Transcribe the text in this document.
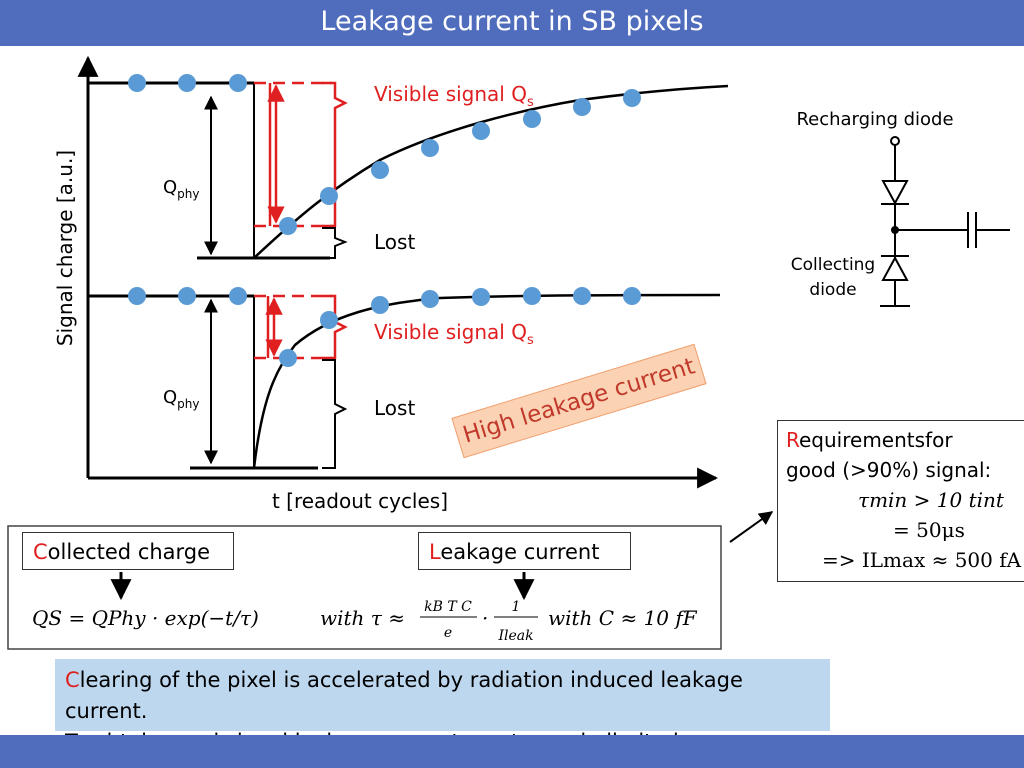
Leakage current in SB pixels
Signal charge [a.u.]
t [readout cycles]
$Q_{phy}$
Visible signal $Q_s$
Lost
$Q_{phy}$
Visible signal $Q_s$
Lost
Recharging diode
Collecting
diode
QS = QPhy · exp(−t/τ)	with τ ≈ kB T C
e
· 1
Ileak
with C ≈ 10 fF
High leakage current
Collected charge	Leakage current
Requirementsfor
good (>90%) signal:
τmin > 10 tint
= 50μs
=> ILmax ≈ 500 fA
Clearing of the pixel is accelerated by radiation induced leakage current.
